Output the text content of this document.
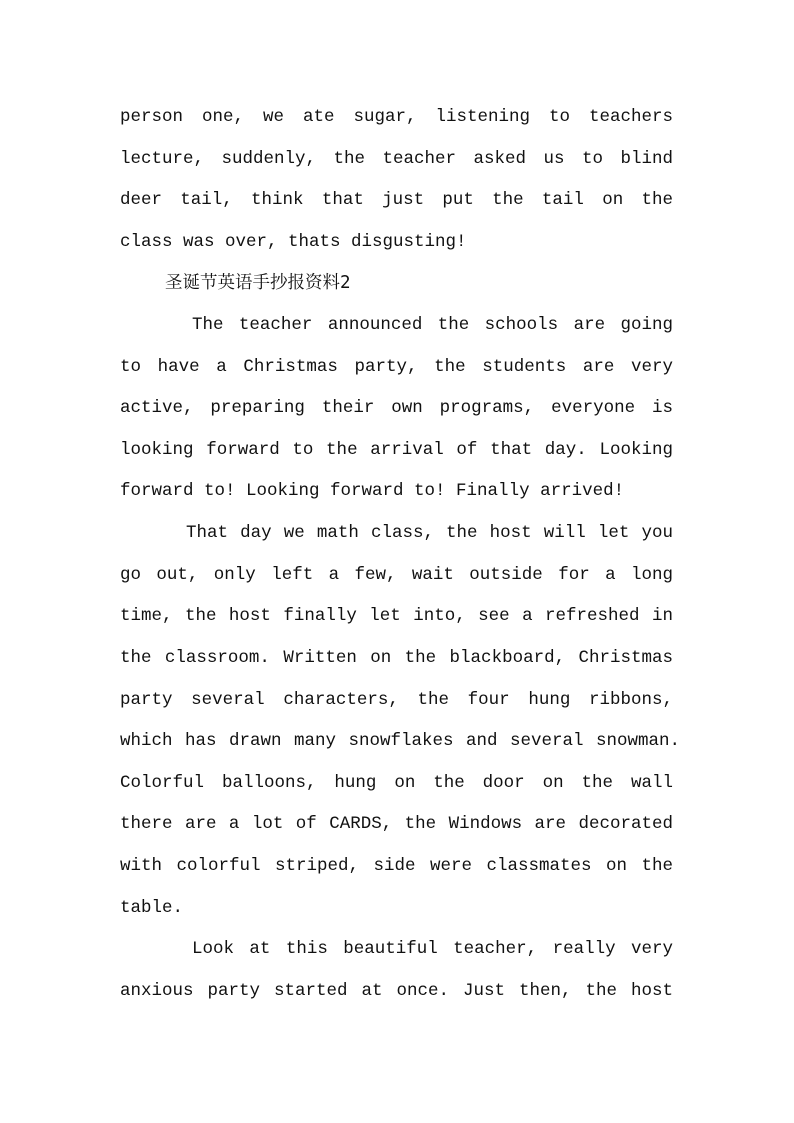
person one, we ate sugar, listening to teachers
lecture, suddenly, the teacher asked us to blind
deer tail, think that just put the tail on the
class was over, thats disgusting!
圣诞节英语手抄报资料2
The teacher announced the schools are going
to have a Christmas party, the students are very
active, preparing their own programs, everyone is
looking forward to the arrival of that day. Looking
forward to! Looking forward to! Finally arrived!
That day we math class, the host will let you
go out, only left a few, wait outside for a long
time, the host finally let into, see a refreshed in
the classroom. Written on the blackboard, Christmas
party several characters, the four hung ribbons,
which has drawn many snowflakes and several snowman.
Colorful balloons, hung on the door on the wall
there are a lot of CARDS, the Windows are decorated
with colorful striped, side were classmates on the
table.
Look at this beautiful teacher, really very
anxious party started at once. Just then, the host
